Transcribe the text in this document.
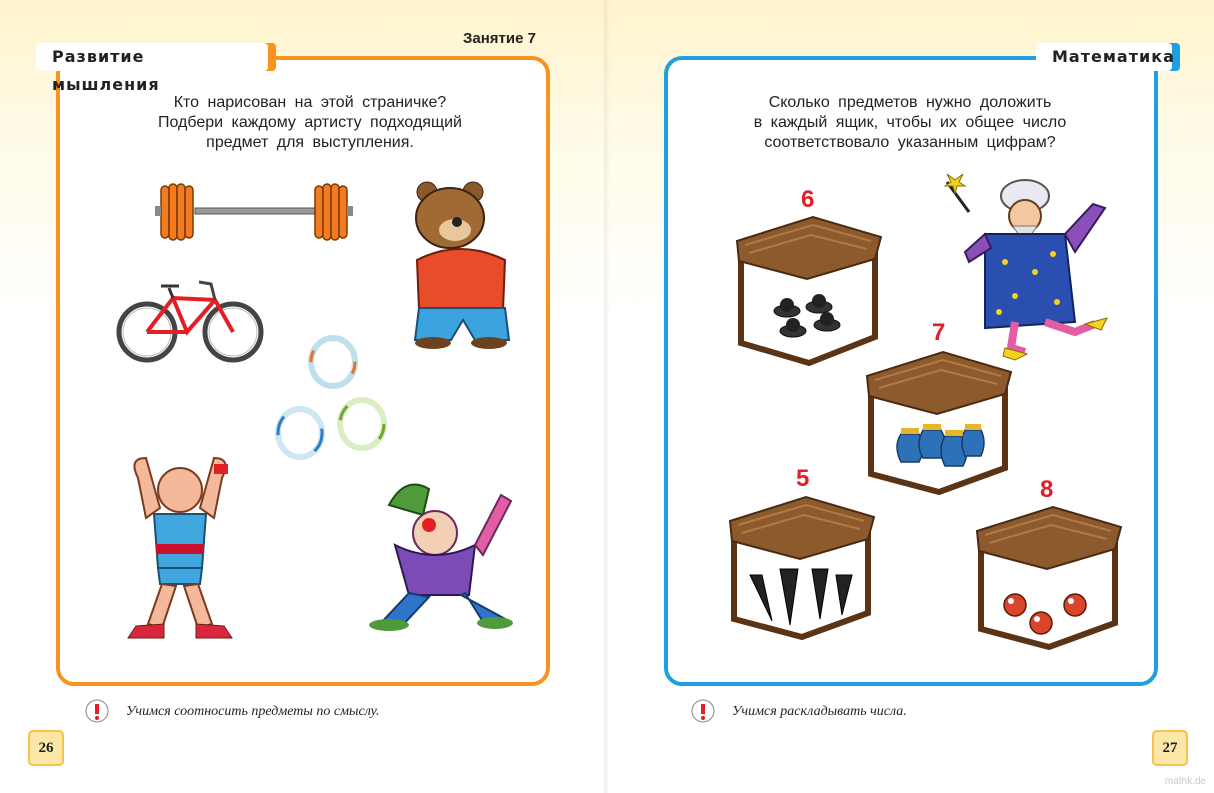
Развитие мышления
Занятие 7
Кто нарисован на этой страничке?
Подбери каждому артисту подходящий
предмет для выступления.
Учимся соотносить предметы по смыслу.
26
Математика
Сколько предметов нужно доложить
в каждый ящик, чтобы их общее число
соответствовало указанным цифрам?
6
7
5	8
Учимся раскладывать числа.
27
mathk.de
